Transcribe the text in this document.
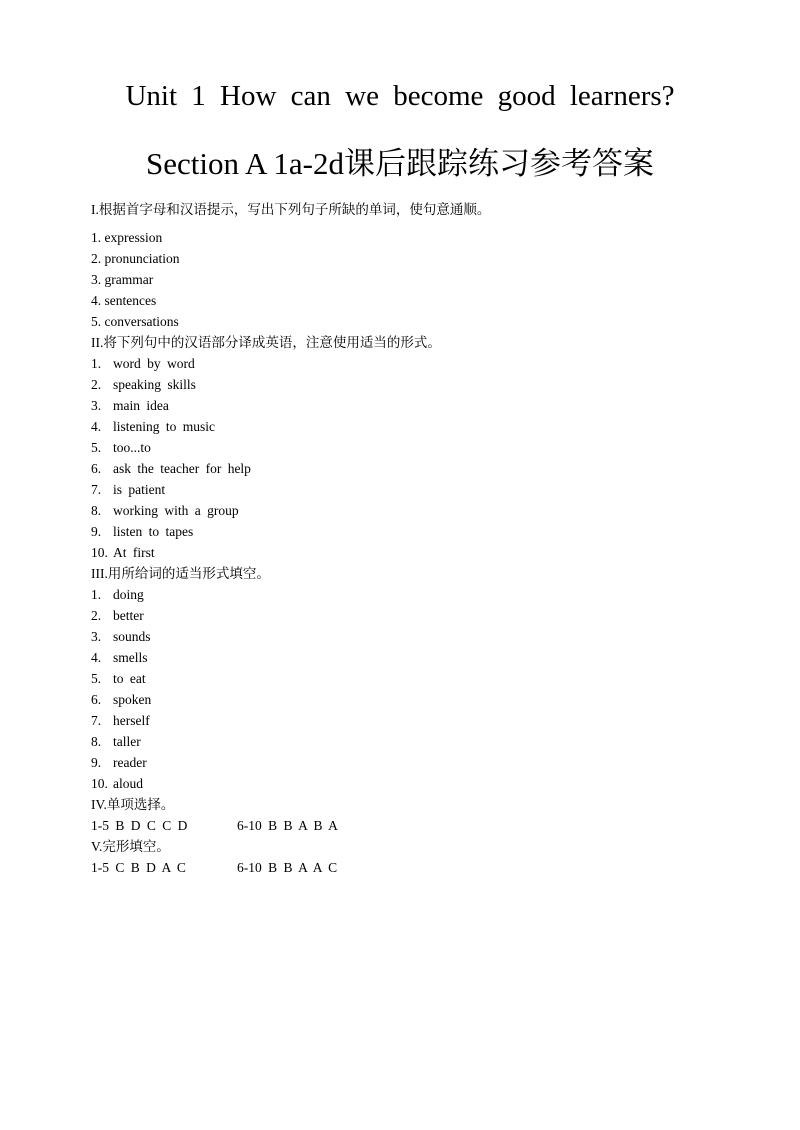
Unit 1 How can we become good learners?
Section A 1a-2d课后跟踪练习参考答案
I.根据首字母和汉语提示，写出下列句子所缺的单词，使句意通顺。
1. expression
2. pronunciation
3. grammar
4. sentences
5. conversations
II.将下列句中的汉语部分译成英语，注意使用适当的形式。
1. word by word
2. speaking skills
3. main idea
4. listening to music
5. too...to
6. ask the teacher for help
7. is patient
8. working with a group
9. listen to tapes
10. At first
III.用所给词的适当形式填空。
1. doing
2. better
3. sounds
4. smells
5. to eat
6. spoken
7. herself
8. taller
9. reader
10. aloud
IV.单项选择。
1-5 B D C C D	6-10 B B A B A
V.完形填空。
1-5 C B D A C	6-10 B B A A C
